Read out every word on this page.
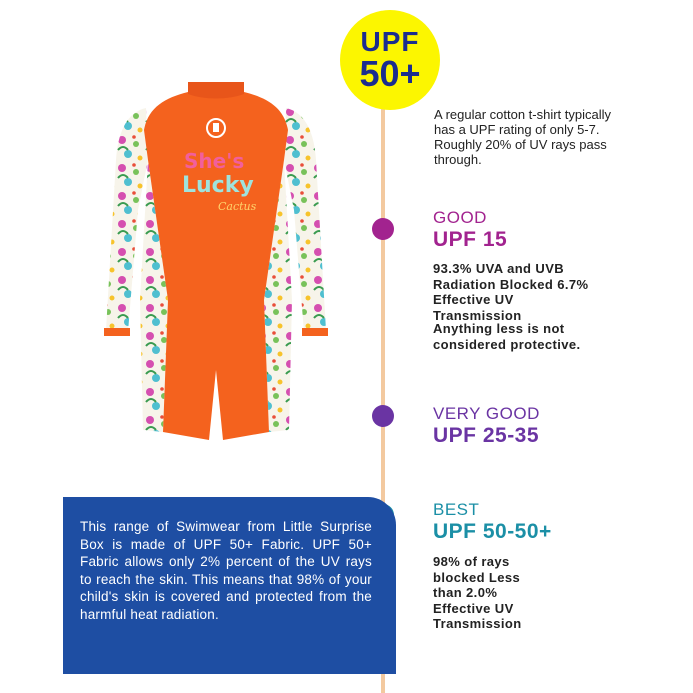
She's
Lucky
Cactus
UPF
50+
A regular cotton t-shirt typically has a UPF rating of only 5-7. Roughly 20% of UV rays pass through.
GOOD
UPF 15
93.3% UVA and UVB Radiation Blocked 6.7% Effective UV Transmission
Anything less is not considered protective.
VERY GOOD
UPF 25-35
BEST
UPF 50-50+
98% of rays blocked Less than 2.0% Effective UV Transmission
This range of Swimwear from Little Surprise Box is made of UPF 50+ Fabric. UPF 50+ Fabric allows only 2% percent of the UV rays to reach the skin. This means that 98% of your child's skin is covered and protected from the harmful heat radiation.
